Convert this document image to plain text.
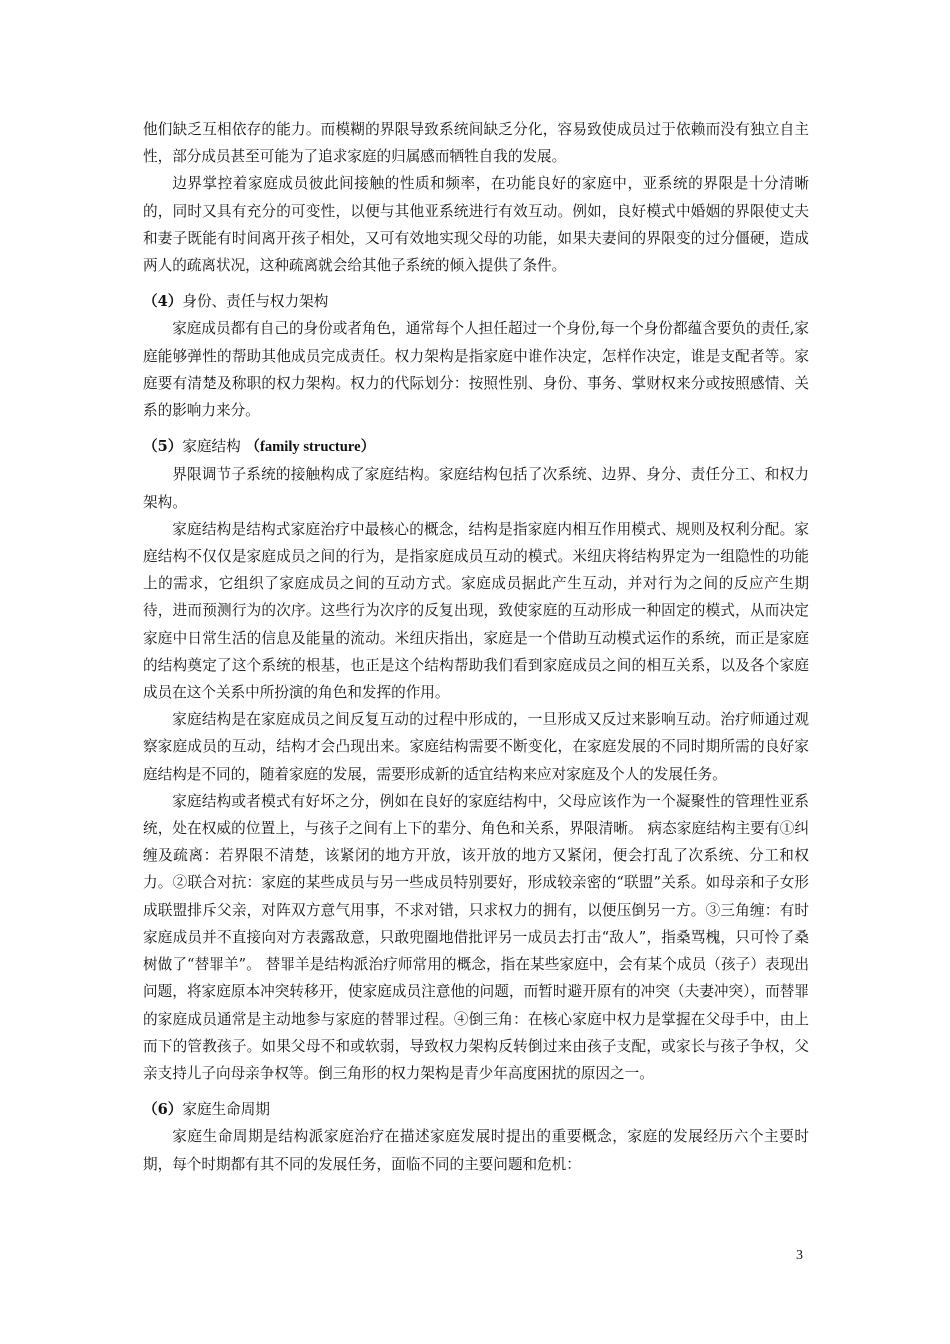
他们缺乏互相依存的能力。而模糊的界限导致系统间缺乏分化，容易致使成员过于依赖而没有独立自主性，部分成员甚至可能为了追求家庭的归属感而牺牲自我的发展。

边界掌控着家庭成员彼此间接触的性质和频率，在功能良好的家庭中，亚系统的界限是十分清晰的，同时又具有充分的可变性，以便与其他亚系统进行有效互动。例如，良好模式中婚姻的界限使丈夫和妻子既能有时间离开孩子相处，又可有效地实现父母的功能，如果夫妻间的界限变的过分僵硬，造成两人的疏离状况，这种疏离就会给其他子系统的倾入提供了条件。

（4）身份、责任与权力架构

家庭成员都有自己的身份或者角色，通常每个人担任超过一个身份,每一个身份都蕴含要负的责任,家庭能够弹性的帮助其他成员完成责任。权力架构是指家庭中谁作决定，怎样作决定，谁是支配者等。家庭要有清楚及称职的权力架构。权力的代际划分：按照性别、身份、事务、掌财权来分或按照感情、关系的影响力来分。

（5）家庭结构 （family structure）

界限调节子系统的接触构成了家庭结构。家庭结构包括了次系统、边界、身分、责任分工、和权力架构。

家庭结构是结构式家庭治疗中最核心的概念，结构是指家庭内相互作用模式、规则及权利分配。家庭结构不仅仅是家庭成员之间的行为，是指家庭成员互动的模式。米纽庆将结构界定为一组隐性的功能上的需求，它组织了家庭成员之间的互动方式。家庭成员据此产生互动，并对行为之间的反应产生期待，进而预测行为的次序。这些行为次序的反复出现，致使家庭的互动形成一种固定的模式，从而决定家庭中日常生活的信息及能量的流动。米纽庆指出，家庭是一个借助互动模式运作的系统，而正是家庭的结构奠定了这个系统的根基，也正是这个结构帮助我们看到家庭成员之间的相互关系，以及各个家庭成员在这个关系中所扮演的角色和发挥的作用。

家庭结构是在家庭成员之间反复互动的过程中形成的，一旦形成又反过来影响互动。治疗师通过观察家庭成员的互动，结构才会凸现出来。家庭结构需要不断变化，在家庭发展的不同时期所需的良好家庭结构是不同的，随着家庭的发展，需要形成新的适宜结构来应对家庭及个人的发展任务。

家庭结构或者模式有好坏之分，例如在良好的家庭结构中，父母应该作为一个凝聚性的管理性亚系统，处在权威的位置上，与孩子之间有上下的辈分、角色和关系，界限清晰。 病态家庭结构主要有①纠缠及疏离：若界限不清楚，该紧闭的地方开放，该开放的地方又紧闭，便会打乱了次系统、分工和权力。②联合对抗：家庭的某些成员与另一些成员特别要好，形成较亲密的“联盟”关系。如母亲和子女形成联盟排斥父亲，对阵双方意气用事，不求对错，只求权力的拥有，以便压倒另一方。③三角缠：有时家庭成员并不直接向对方表露敌意，只敢兜圈地借批评另一成员去打击“敌人”，指桑骂槐，只可怜了桑树做了“替罪羊”。 替罪羊是结构派治疗师常用的概念，指在某些家庭中，会有某个成员（孩子）表现出问题，将家庭原本冲突转移开，使家庭成员注意他的问题，而暂时避开原有的冲突（夫妻冲突），而替罪的家庭成员通常是主动地参与家庭的替罪过程。④倒三角：在核心家庭中权力是掌握在父母手中，由上而下的管教孩子。如果父母不和或软弱，导致权力架构反转倒过来由孩子支配，或家长与孩子争权，父亲支持儿子向母亲争权等。倒三角形的权力架构是青少年高度困扰的原因之一。

（6）家庭生命周期

家庭生命周期是结构派家庭治疗在描述家庭发展时提出的重要概念，家庭的发展经历六个主要时期，每个时期都有其不同的发展任务，面临不同的主要问题和危机：

3
